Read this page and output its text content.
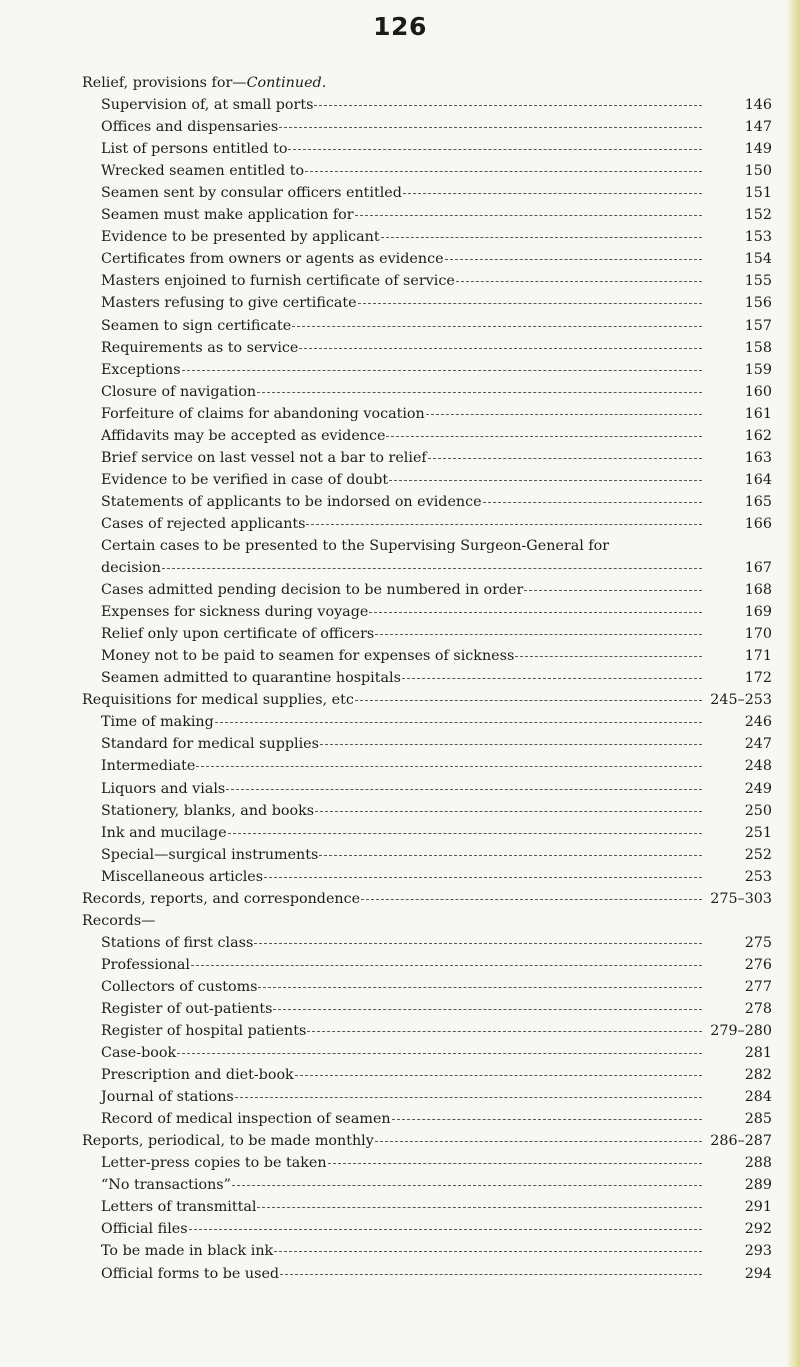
126
Relief, provisions for— Continued.
Supervision of, at small ports	146
Offices and dispensaries	147
List of persons entitled to	149
Wrecked seamen entitled to	150
Seamen sent by consular officers entitled	151
Seamen must make application for	152
Evidence to be presented by applicant	153
Certificates from owners or agents as evidence	154
Masters enjoined to furnish certificate of service	155
Masters refusing to give certificate	156
Seamen to sign certificate	157
Requirements as to service	158
Exceptions	159
Closure of navigation	160
Forfeiture of claims for abandoning vocation	161
Affidavits may be accepted as evidence	162
Brief service on last vessel not a bar to relief	163
Evidence to be verified in case of doubt	164
Statements of applicants to be indorsed on evidence	165
Cases of rejected applicants	166
Certain cases to be presented to the Supervising Surgeon-General for
decision	167
Cases admitted pending decision to be numbered in order	168
Expenses for sickness during voyage	169
Relief only upon certificate of officers	170
Money not to be paid to seamen for expenses of sickness	171
Seamen admitted to quarantine hospitals	172
Requisitions for medical supplies, etc	245–253
Time of making	246
Standard for medical supplies	247
Intermediate	248
Liquors and vials	249
Stationery, blanks, and books	250
Ink and mucilage	251
Special—surgical instruments	252
Miscellaneous articles	253
Records, reports, and correspondence	275–303
Records—
Stations of first class	275
Professional	276
Collectors of customs	277
Register of out-patients	278
Register of hospital patients	279–280
Case-book	281
Prescription and diet-book	282
Journal of stations	284
Record of medical inspection of seamen	285
Reports, periodical, to be made monthly	286–287
Letter-press copies to be taken	288
“No transactions”	289
Letters of transmittal	291
Official files	292
To be made in black ink	293
Official forms to be used	294
